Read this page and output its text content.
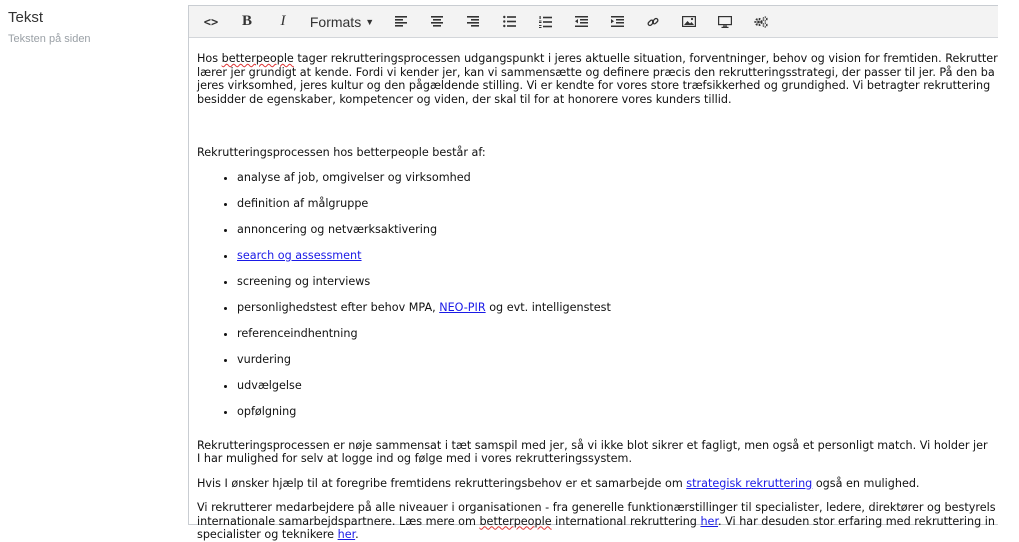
Tekst
Teksten på siden
<>	B	I	Formats ▼

Hos betterpeople tager rekrutteringsprocessen udgangspunkt i jeres aktuelle situation, forventninger, behov og vision for fremtiden. Rekrutter
lærer jer grundigt at kende. Fordi vi kender jer, kan vi sammensætte og definere præcis den rekrutteringsstrategi, der passer til jer. På den ba
jeres virksomhed, jeres kultur og den pågældende stilling. Vi er kendte for vores store træfsikkerhed og grundighed. Vi betragter rekruttering
besidder de egenskaber, kompetencer og viden, der skal til for at honorere vores kunders tillid.

Rekrutteringsprocessen hos betterpeople består af:

• analyse af job, omgivelser og virksomhed
• definition af målgruppe
• annoncering og netværksaktivering
• search og assessment
• screening og interviews
• personlighedstest efter behov MPA, NEO-PIR og evt. intelligenstest
• referenceindhentning
• vurdering
• udvælgelse
• opfølgning

Rekrutteringsprocessen er nøje sammensat i tæt samspil med jer, så vi ikke blot sikrer et fagligt, men også et personligt match. Vi holder jer
I har mulighed for selv at logge ind og følge med i vores rekrutteringssystem.

Hvis I ønsker hjælp til at foregribe fremtidens rekrutteringsbehov er et samarbejde om strategisk rekruttering også en mulighed.

Vi rekrutterer medarbejdere på alle niveauer i organisationen - fra generelle funktionærstillinger til specialister, ledere, direktører og bestyrels
internationale samarbejdspartnere. Læs mere om betterpeople international rekruttering her. Vi har desuden stor erfaring med rekruttering in
specialister og teknikere her.
